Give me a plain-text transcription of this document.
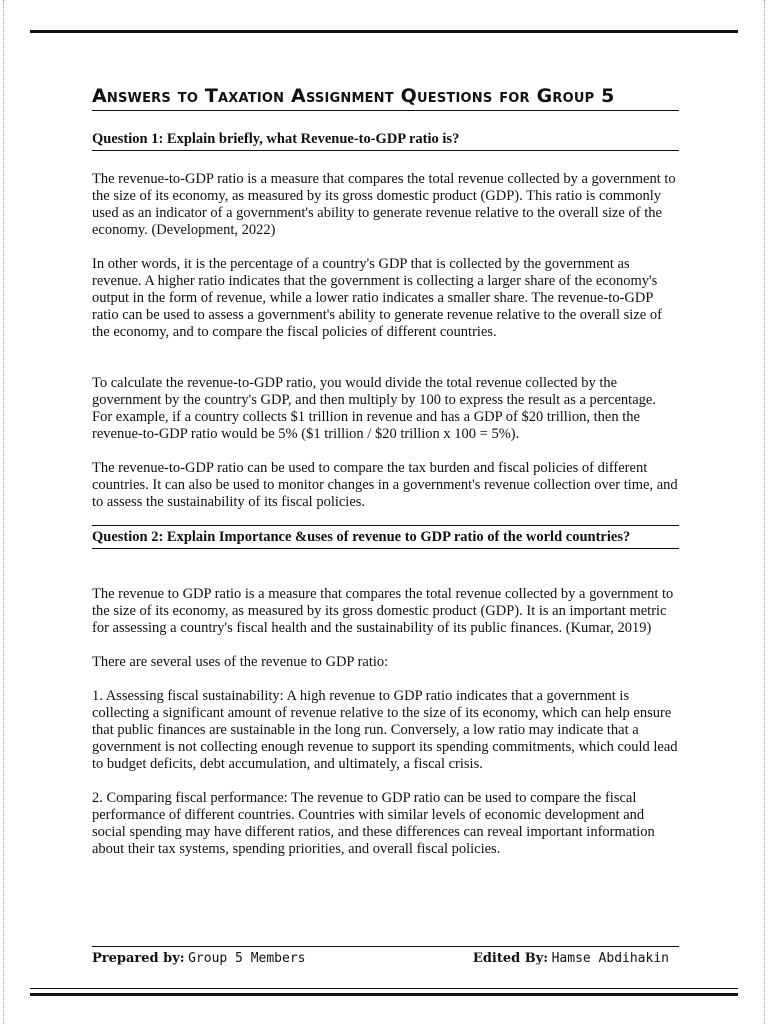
Answers to Taxation Assignment Questions for Group 5
Question 1: Explain briefly, what Revenue-to-GDP ratio is?

The revenue-to-GDP ratio is a measure that compares the total revenue collected by a government to the size of its economy, as measured by its gross domestic product (GDP). This ratio is commonly used as an indicator of a government's ability to generate revenue relative to the overall size of the economy. (Development, 2022)

In other words, it is the percentage of a country's GDP that is collected by the government as revenue. A higher ratio indicates that the government is collecting a larger share of the economy's output in the form of revenue, while a lower ratio indicates a smaller share. The revenue-to-GDP ratio can be used to assess a government's ability to generate revenue relative to the overall size of the economy, and to compare the fiscal policies of different countries.

To calculate the revenue-to-GDP ratio, you would divide the total revenue collected by the government by the country's GDP, and then multiply by 100 to express the result as a percentage. For example, if a country collects $1 trillion in revenue and has a GDP of $20 trillion, then the revenue-to-GDP ratio would be 5% ($1 trillion / $20 trillion x 100 = 5%).

The revenue-to-GDP ratio can be used to compare the tax burden and fiscal policies of different countries. It can also be used to monitor changes in a government's revenue collection over time, and to assess the sustainability of its fiscal policies.

Question 2: Explain Importance &uses of revenue to GDP ratio of the world countries?

The revenue to GDP ratio is a measure that compares the total revenue collected by a government to the size of its economy, as measured by its gross domestic product (GDP). It is an important metric for assessing a country's fiscal health and the sustainability of its public finances. (Kumar, 2019)

There are several uses of the revenue to GDP ratio:

1. Assessing fiscal sustainability: A high revenue to GDP ratio indicates that a government is collecting a significant amount of revenue relative to the size of its economy, which can help ensure that public finances are sustainable in the long run. Conversely, a low ratio may indicate that a government is not collecting enough revenue to support its spending commitments, which could lead to budget deficits, debt accumulation, and ultimately, a fiscal crisis.

2. Comparing fiscal performance: The revenue to GDP ratio can be used to compare the fiscal performance of different countries. Countries with similar levels of economic development and social spending may have different ratios, and these differences can reveal important information about their tax systems, spending priorities, and overall fiscal policies.

Prepared by: Group 5 Members	Edited By: Hamse Abdihakin
